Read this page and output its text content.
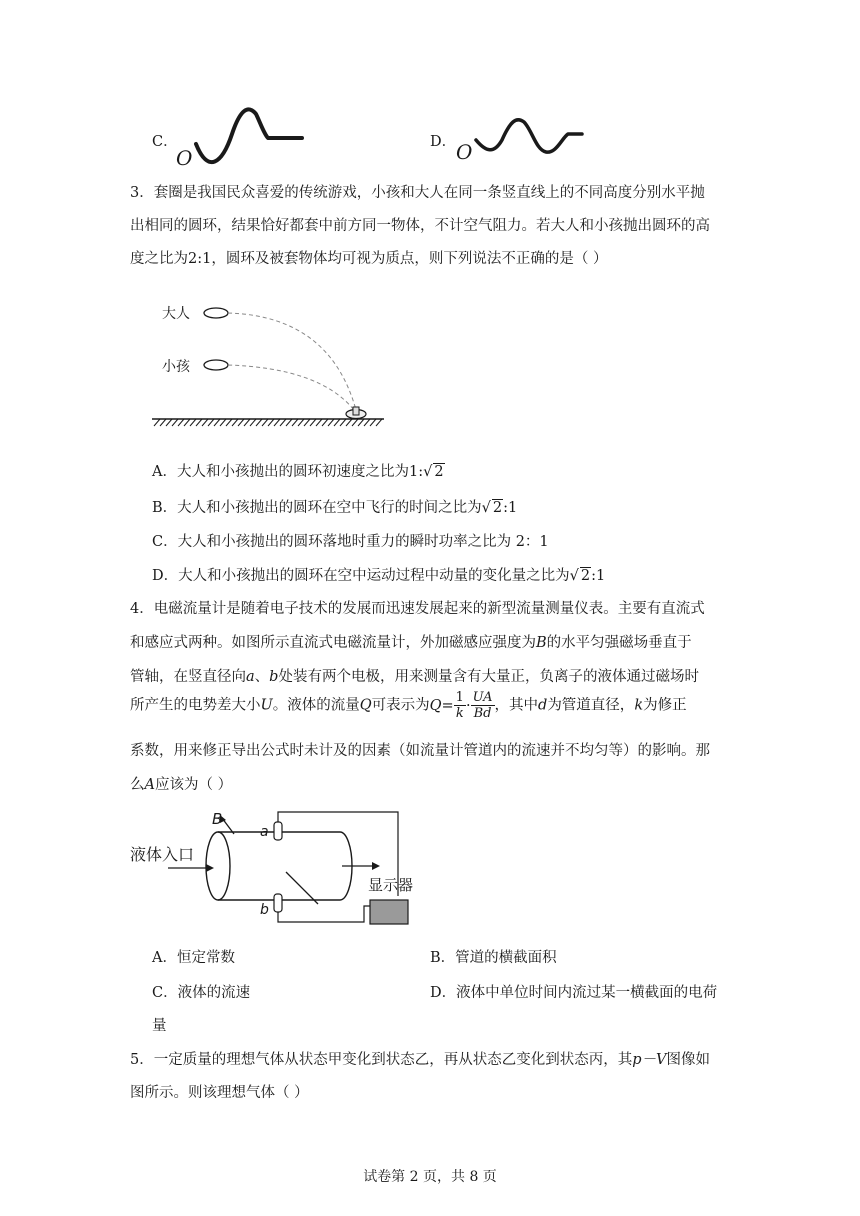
C．
O
D． O
3．套圈是我国民众喜爱的传统游戏，小孩和大人在同一条竖直线上的不同高度分别水平抛
出相同的圆环，结果恰好都套中前方同一物体，不计空气阻力。若大人和小孩抛出圆环的高
度之比为2:1，圆环及被套物体均可视为质点，则下列说法不正确的是（ ）
大人
小孩
A．大人和小孩抛出的圆环初速度之比为1:√ 2
B．大人和小孩抛出的圆环在空中飞行的时间之比为√ 2:1
C．大人和小孩抛出的圆环落地时重力的瞬时功率之比为 2：1
D．大人和小孩抛出的圆环在空中运动过程中动量的变化量之比为√ 2:1
4．电磁流量计是随着电子技术的发展而迅速发展起来的新型流量测量仪表。主要有直流式
和感应式两种。如图所示直流式电磁流量计，外加磁感应强度为B的水平匀强磁场垂直于
管轴，在竖直径向a、b处装有两个电极，用来测量含有大量正，负离子的液体通过磁场时
所产生的电势差大小U。液体的流量Q可表示为$Q= \frac{1}{k} \cdot \frac{UA}{Bd}$ ，其中d为管道直径，k为修正
系数，用来修正导出公式时未计及的因素（如流量计管道内的流速并不均匀等）的影响。那
么A应该为（ ）
液体入口
a
b
B
显示器
A．恒定常数	B．管道的横截面积
C．液体的流速	D．液体中单位时间内流过某一横截面的电荷
量
5．一定质量的理想气体从状态甲变化到状态乙，再从状态乙变化到状态丙，其p－V图像如
图所示。则该理想气体（ ）
试卷第 2 页，共 8 页
